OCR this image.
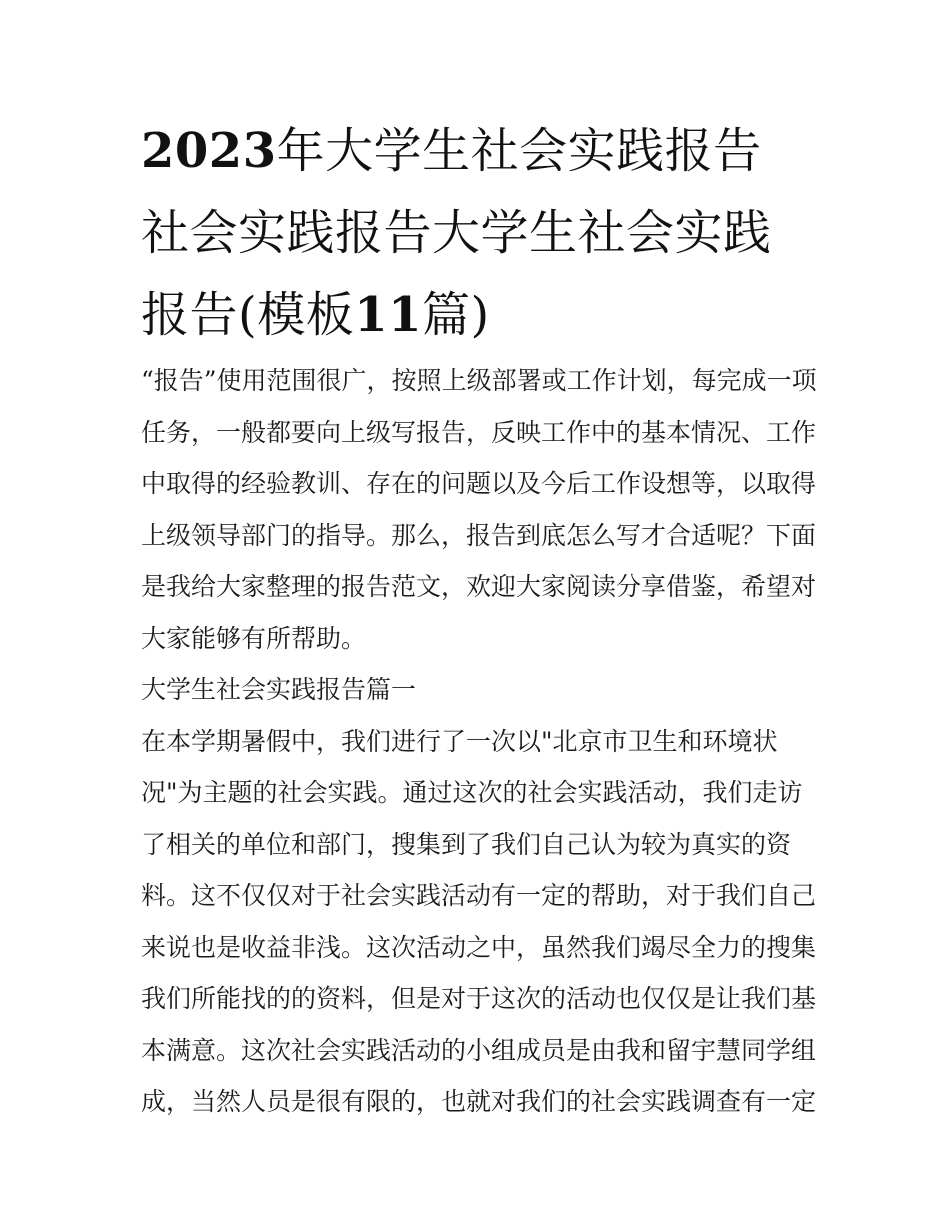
2023年大学生社会实践报告
社会实践报告大学生社会实践
报告(模板11篇)
“报告”使用范围很广，按照上级部署或工作计划，每完成一项
任务，一般都要向上级写报告，反映工作中的基本情况、工作
中取得的经验教训、存在的问题以及今后工作设想等，以取得
上级领导部门的指导。那么，报告到底怎么写才合适呢？下面
是我给大家整理的报告范文，欢迎大家阅读分享借鉴，希望对
大家能够有所帮助。
大学生社会实践报告篇一
在本学期暑假中，我们进行了一次以"北京市卫生和环境状
况"为主题的社会实践。通过这次的社会实践活动，我们走访
了相关的单位和部门，搜集到了我们自己认为较为真实的资
料。这不仅仅对于社会实践活动有一定的帮助，对于我们自己
来说也是收益非浅。这次活动之中，虽然我们竭尽全力的搜集
我们所能找的的资料，但是对于这次的活动也仅仅是让我们基
本满意。这次社会实践活动的小组成员是由我和留宇慧同学组
成，当然人员是很有限的，也就对我们的社会实践调查有一定
